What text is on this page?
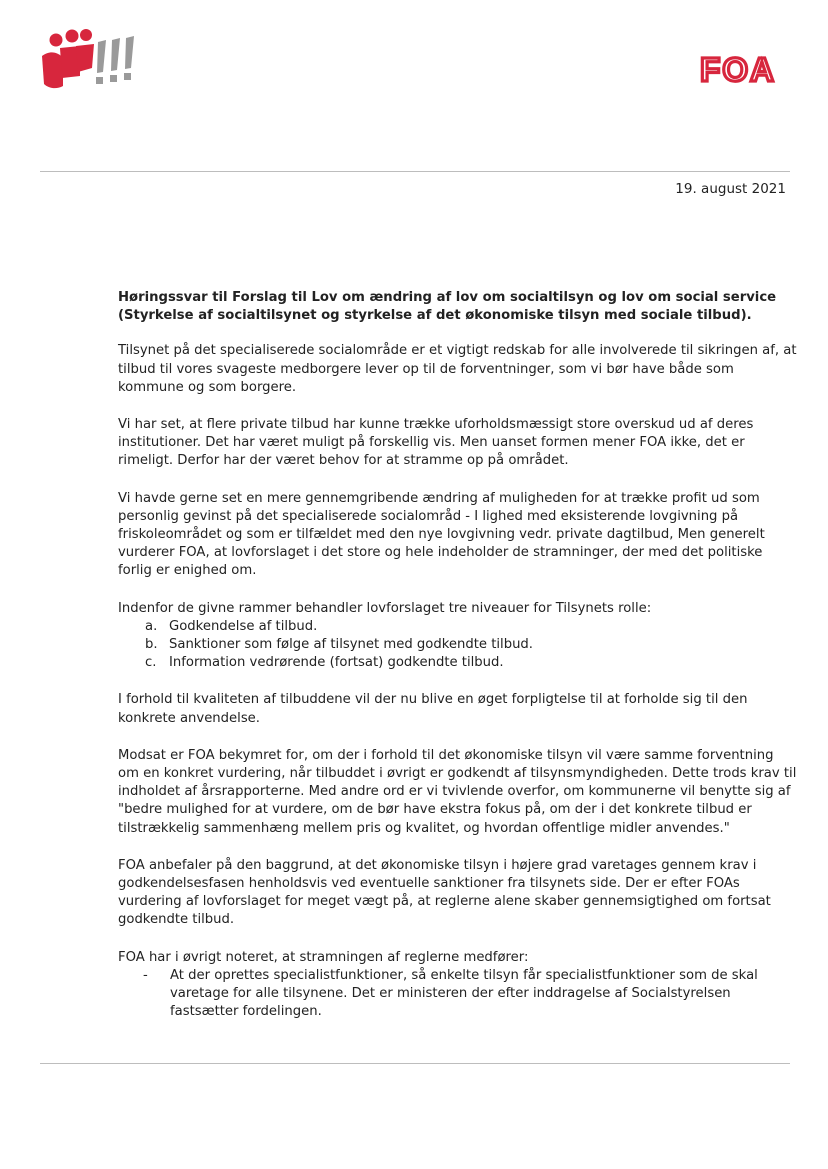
FOA
19. august 2021
Høringssvar til Forslag til Lov om ændring af lov om socialtilsyn og lov om social service
(Styrkelse af socialtilsynet og styrkelse af det økonomiske tilsyn med sociale tilbud).

Tilsynet på det specialiserede socialområde er et vigtigt redskab for alle involverede til sikringen af, at tilbud til vores svageste medborgere lever op til de forventninger, som vi bør have både som kommune og som borgere.

Vi har set, at flere private tilbud har kunne trække uforholdsmæssigt store overskud ud af deres institutioner. Det har været muligt på forskellig vis. Men uanset formen mener FOA ikke, det er rimeligt. Derfor har der været behov for at stramme op på området.

Vi havde gerne set en mere gennemgribende ændring af muligheden for at trække profit ud som personlig gevinst på det specialiserede socialområd - I lighed med eksisterende lovgivning på friskoleområdet og som er tilfældet med den nye lovgivning vedr. private dagtilbud, Men generelt vurderer FOA, at lovforslaget i det store og hele indeholder de stramninger, der med det politiske forlig er enighed om.

Indenfor de givne rammer behandler lovforslaget tre niveauer for Tilsynets rolle:

a. Godkendelse af tilbud.
b. Sanktioner som følge af tilsynet med godkendte tilbud.
c. Information vedrørende (fortsat) godkendte tilbud.

I forhold til kvaliteten af tilbuddene vil der nu blive en øget forpligtelse til at forholde sig til den konkrete anvendelse.

Modsat er FOA bekymret for, om der i forhold til det økonomiske tilsyn vil være samme forventning om en konkret vurdering, når tilbuddet i øvrigt er godkendt af tilsynsmyndigheden. Dette trods krav til indholdet af årsrapporterne. Med andre ord er vi tvivlende overfor, om kommunerne vil benytte sig af "bedre mulighed for at vurdere, om de bør have ekstra fokus på, om der i det konkrete tilbud er tilstrækkelig sammenhæng mellem pris og kvalitet, og hvordan offentlige midler anvendes."

FOA anbefaler på den baggrund, at det økonomiske tilsyn i højere grad varetages gennem krav i godkendelsesfasen henholdsvis ved eventuelle sanktioner fra tilsynets side. Der er efter FOAs vurdering af lovforslaget for meget vægt på, at reglerne alene skaber gennemsigtighed om fortsat godkendte tilbud.

FOA har i øvrigt noteret, at stramningen af reglerne medfører:

-	At der oprettes specialistfunktioner, så enkelte tilsyn får specialistfunktioner som de skal varetage for alle tilsynene. Det er ministeren der efter inddragelse af Socialstyrelsen fastsætter fordelingen.
